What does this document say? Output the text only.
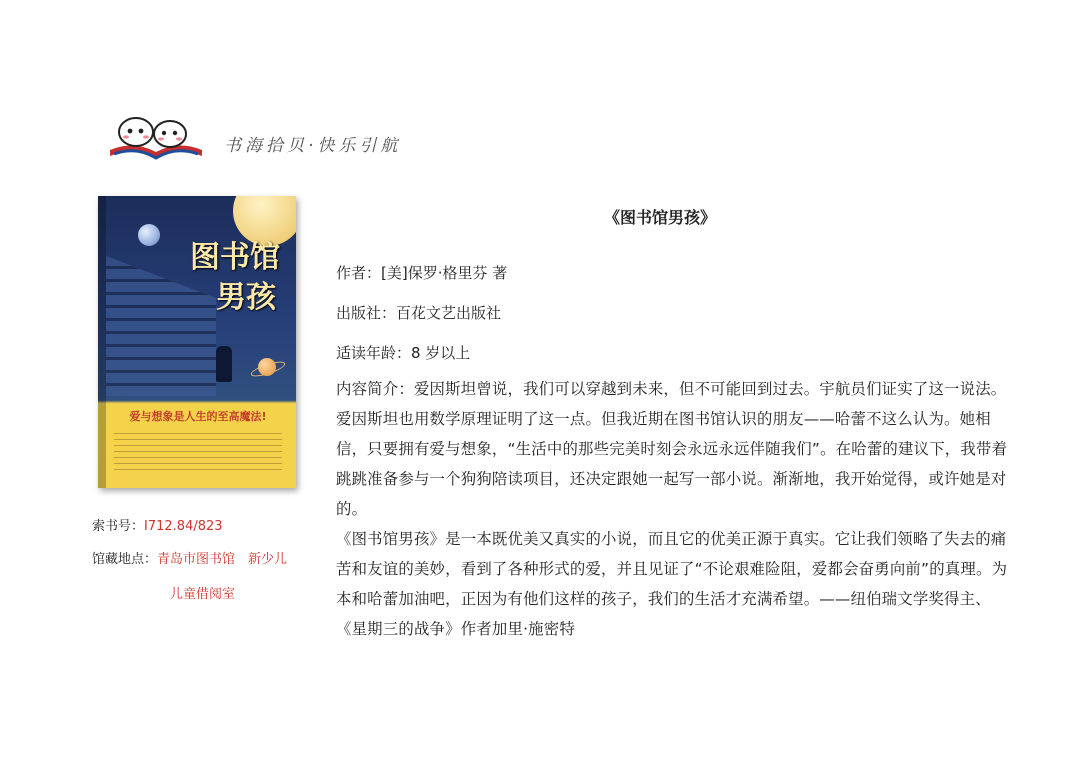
书海拾贝·快乐引航
图书馆
男孩
爱与想象是人生的至高魔法!
索书号：I712.84/823
馆藏地点：青岛市图书馆　新少儿
儿童借阅室
《图书馆男孩》
作者：[美]保罗·格里芬 著
出版社：百花文艺出版社
适读年龄：8 岁以上

内容简介：爱因斯坦曾说，我们可以穿越到未来，但不可能回到过去。宇航员们证实了这一说法。爱因斯坦也用数学原理证明了这一点。但我近期在图书馆认识的朋友——哈蕾不这么认为。她相信，只要拥有爱与想象，“生活中的那些完美时刻会永远永远伴随我们”。在哈蕾的建议下，我带着跳跳准备参与一个狗狗陪读项目，还决定跟她一起写一部小说。渐渐地，我开始觉得，或许她是对的。

《图书馆男孩》是一本既优美又真实的小说，而且它的优美正源于真实。它让我们领略了失去的痛苦和友谊的美妙，看到了各种形式的爱，并且见证了“不论艰难险阻，爱都会奋勇向前”的真理。为本和哈蕾加油吧，正因为有他们这样的孩子，我们的生活才充满希望。——纽伯瑞文学奖得主、《星期三的战争》作者加里·施密特
